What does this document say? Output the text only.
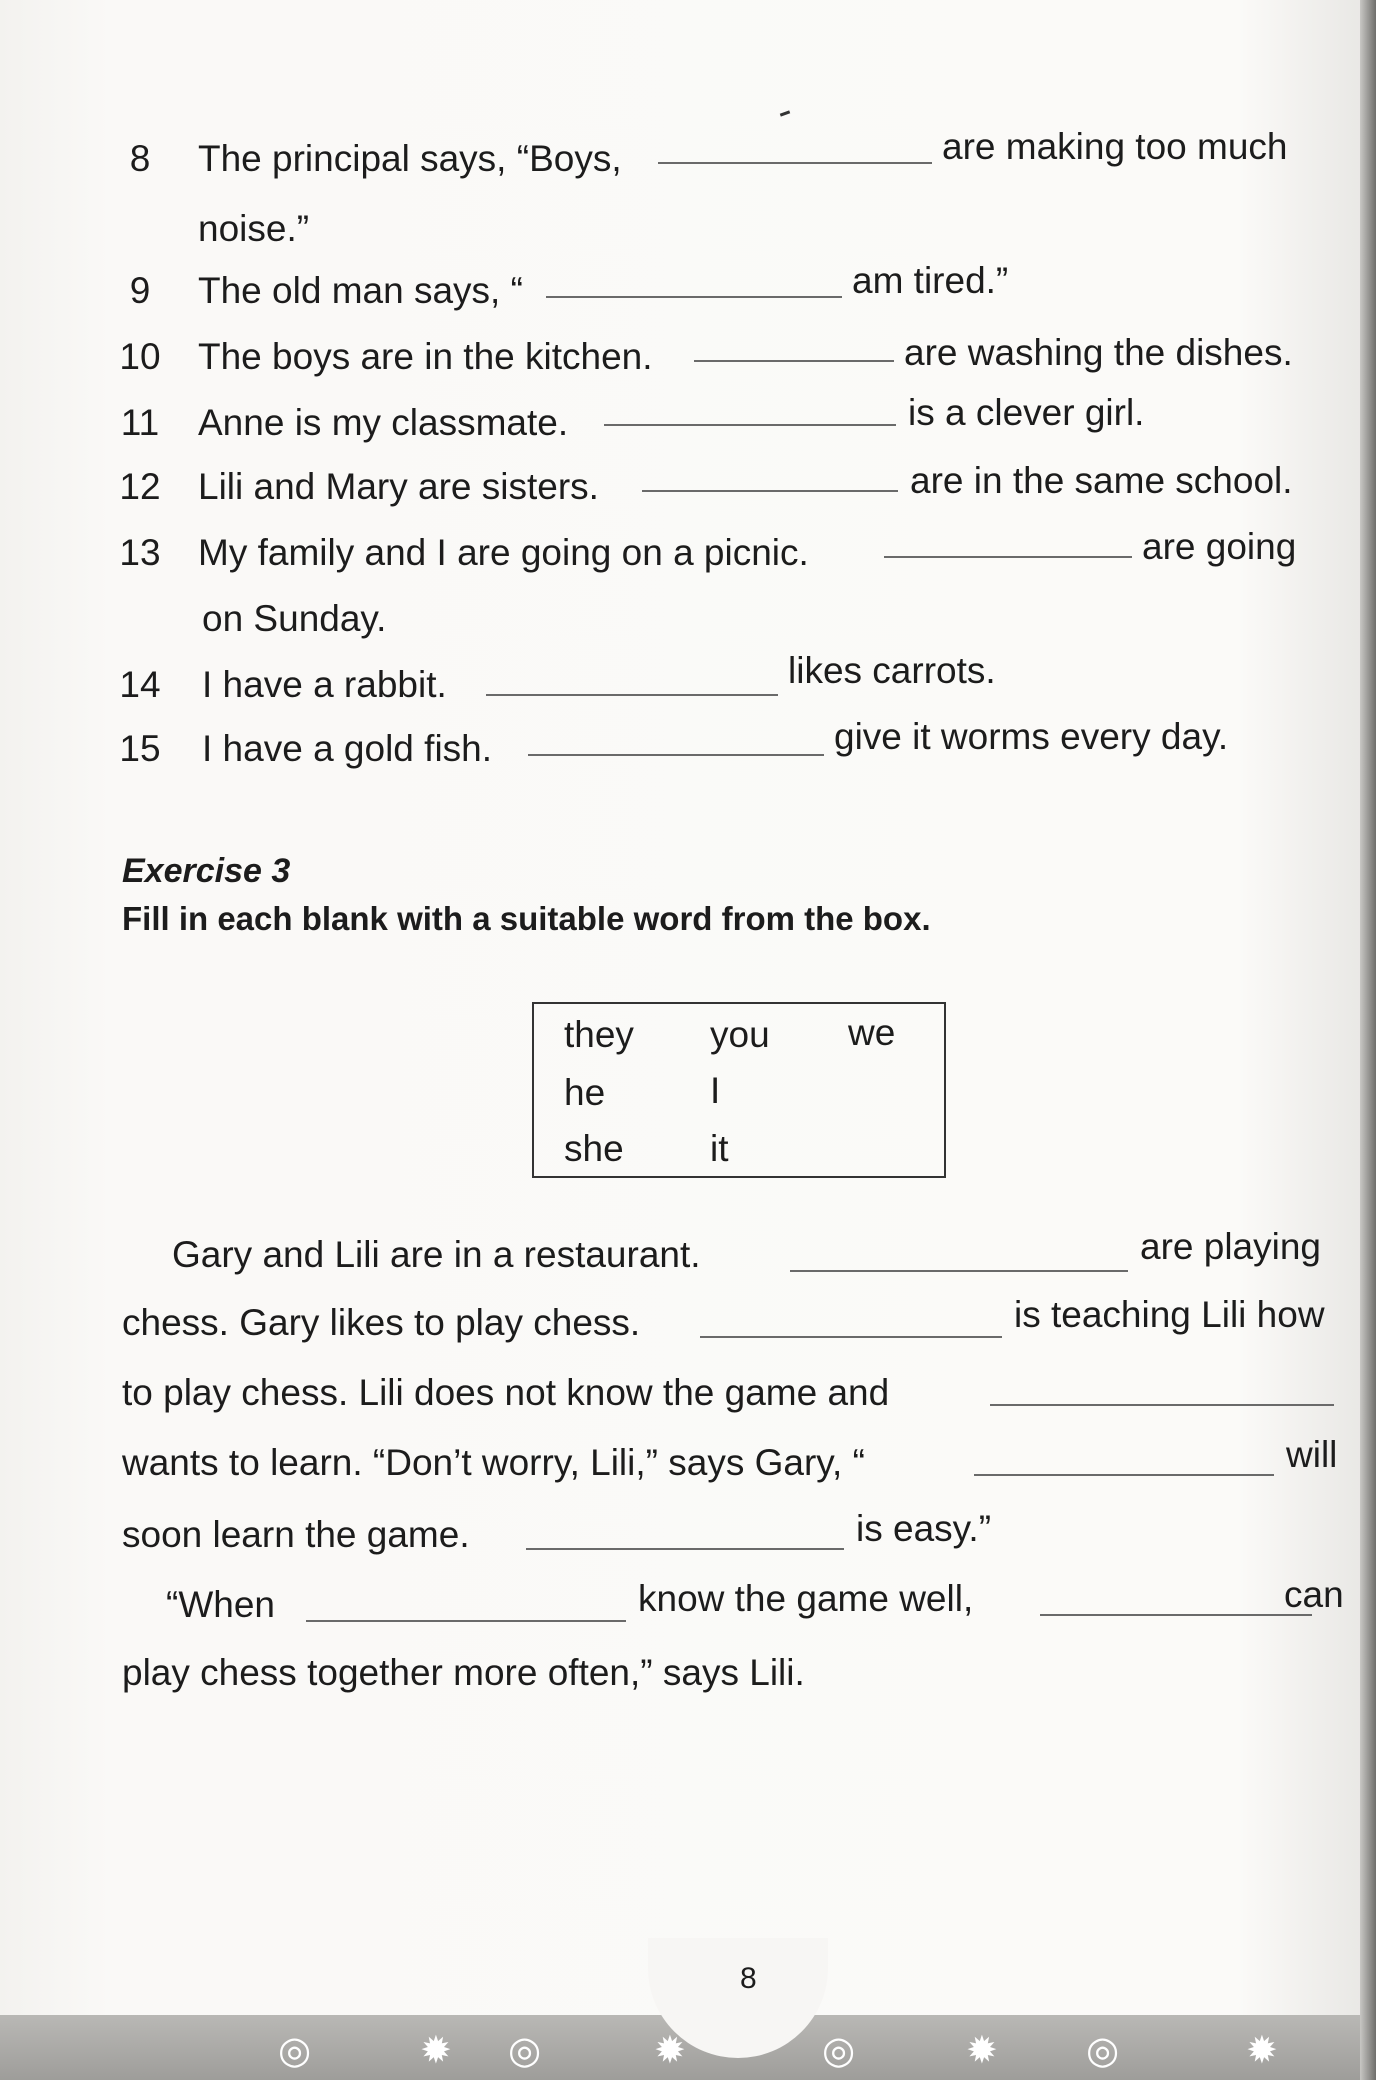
8	The principal says, “Boys,	are making too much
noise.”
9	The old man says, “	am tired.”
10 The boys are in the kitchen.	are washing the dishes.
11 Anne is my classmate.	is a clever girl.
12 Lili and Mary are sisters.	are in the same school.
13 My family and I are going on a picnic.	are going
on Sunday.
14 I have a rabbit.	likes carrots.
15 I have a gold fish.	give it worms every day.
Exercise 3
Fill in each blank with a suitable word from the box.
they you we
he	I
she it
Gary and Lili are in a restaurant.	are playing
chess. Gary likes to play chess.	is teaching Lili how
to play chess. Lili does not know the game and
wants to learn. “Don’t worry, Lili,” says Gary, “	will
soon learn the game.	is easy.”
“When	know the game well,	can
play chess together more often,” says Lili.
8
◎	✹ ◎	✹	◎	✹ ◎	✹
